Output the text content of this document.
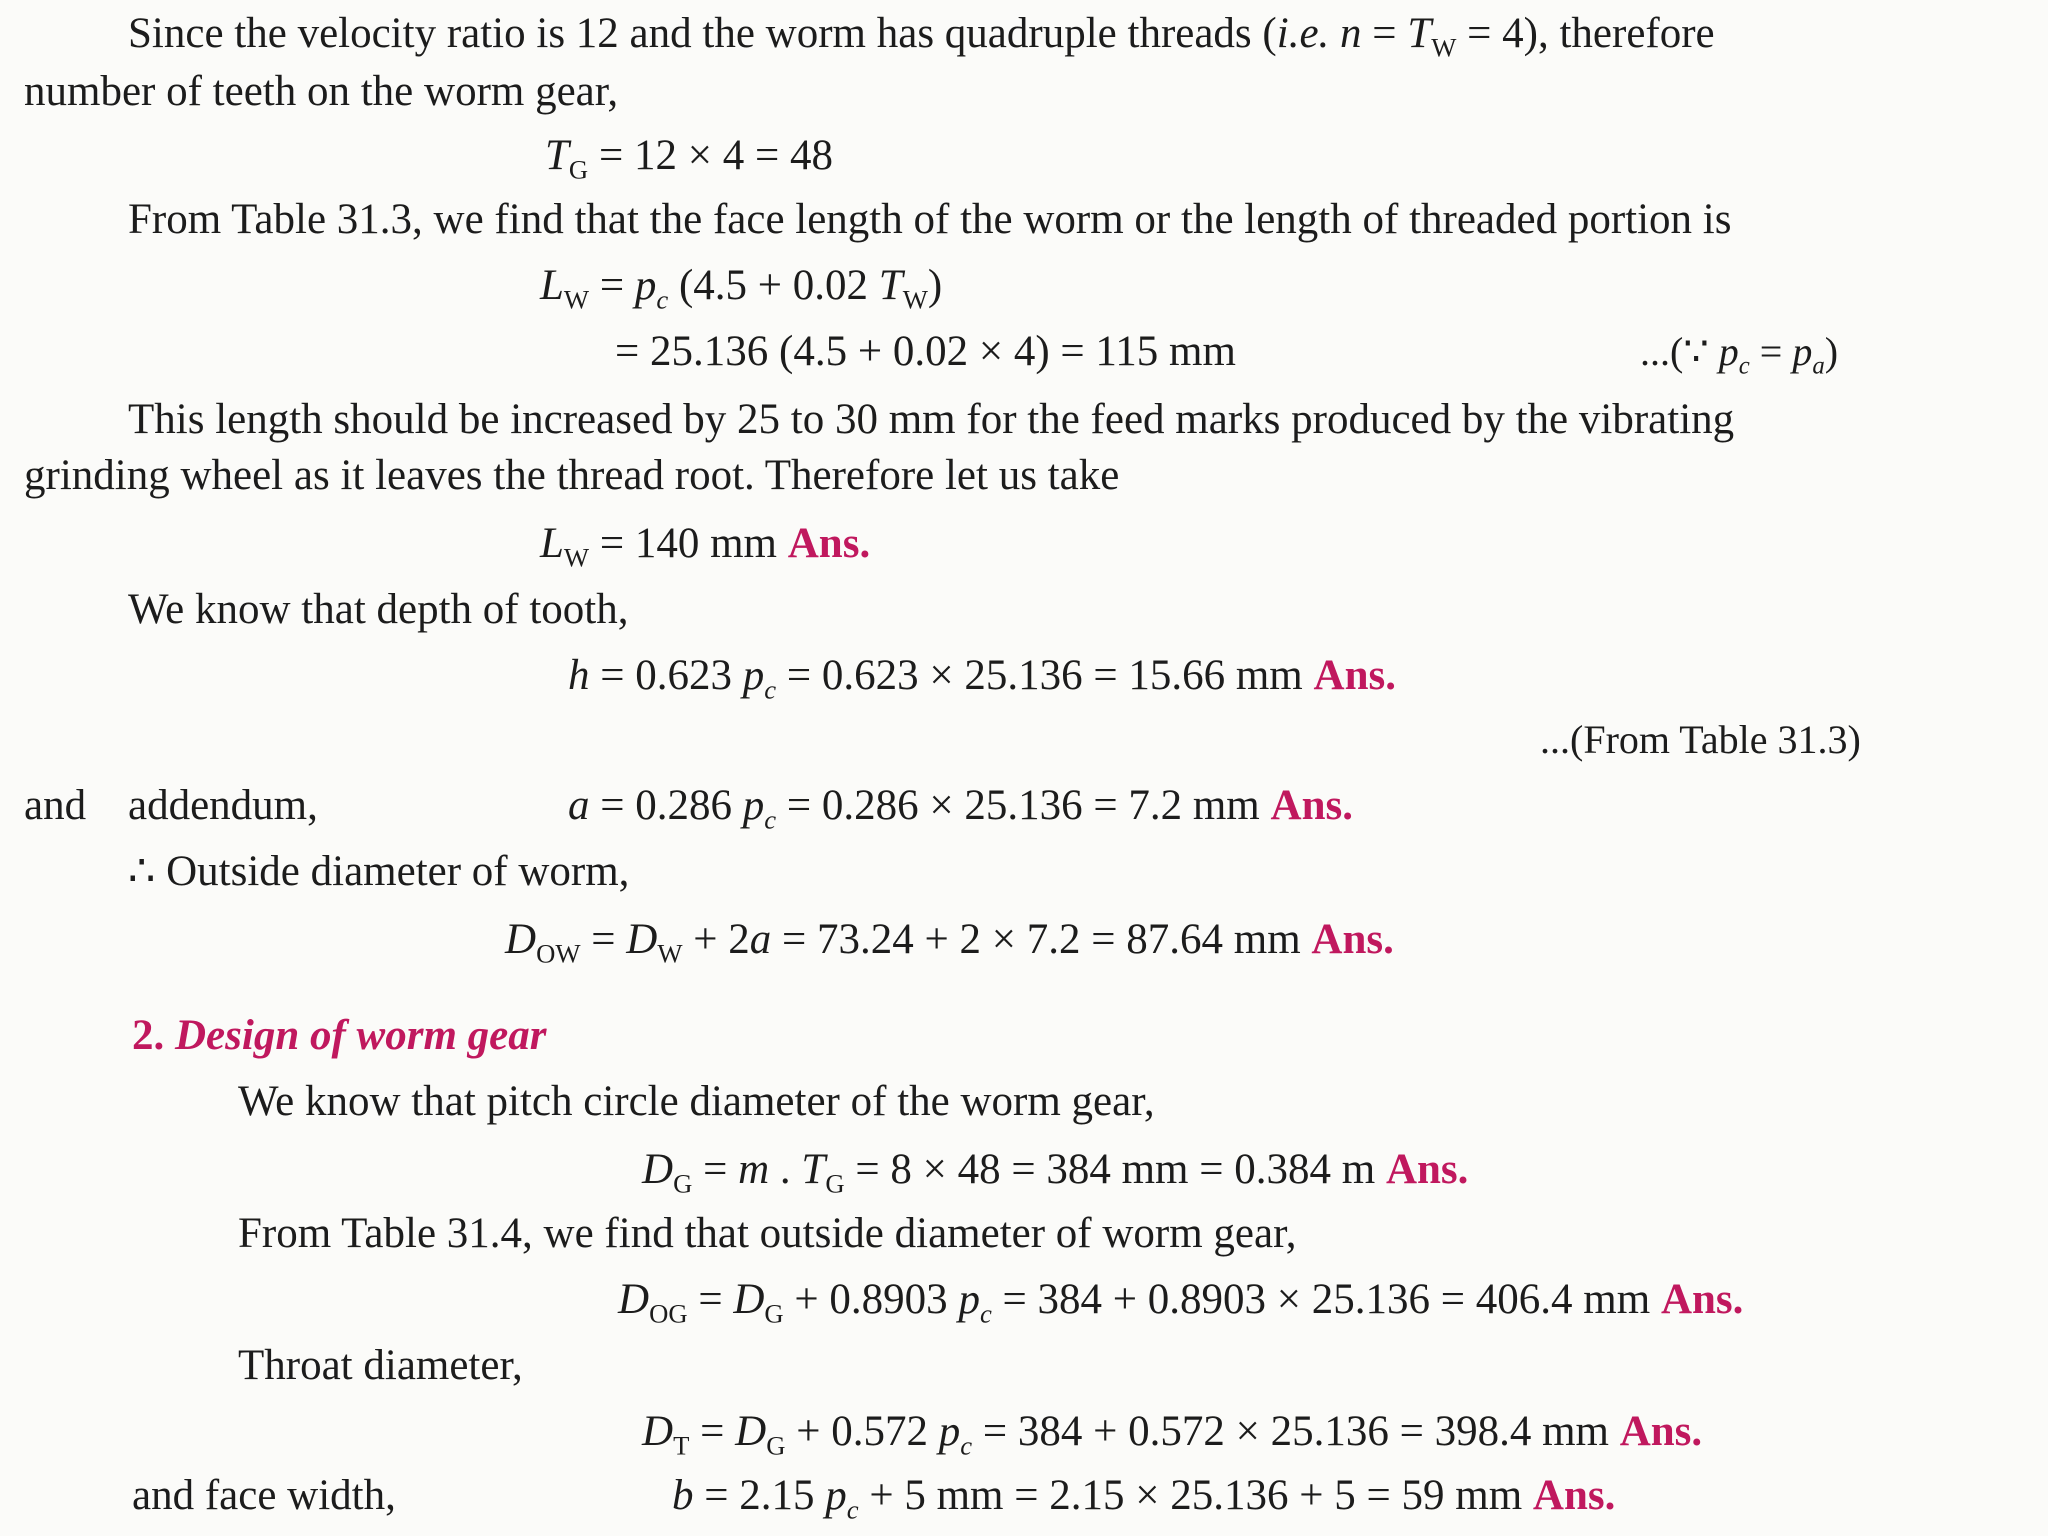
Since the velocity ratio is 12 and the worm has quadruple threads (i.e. $n = T_W = 4$), therefore
number of teeth on the worm gear,
$T_G = 12 \times 4 = 48$
From Table 31.3, we find that the face length of the worm or the length of threaded portion is
$L_W = p_c$ (4.5 + 0.02 $T_W$)
= 25.136 (4.5 + 0.02 × 4) = 115 mm	...(∵ $p_c = p_a$)
This length should be increased by 25 to 30 mm for the feed marks produced by the vibrating
grinding wheel as it leaves the thread root. Therefore let us take
$L_W = 140$ mm Ans.
We know that depth of tooth,
h = 0.623 $p_c = 0.623 \times 25.136 = 15.66$ mm Ans.
...(From Table 31.3)
and addendum,	a = 0.286 $p_c = 0.286 \times 25.136 = 7.2$ mm Ans.
∴ Outside diameter of worm,
$D_{OW} = D_W + 2a = 73.24 + 2 \times 7.2 = 87.64$ mm Ans.
2. Design of worm gear
We know that pitch circle diameter of the worm gear,
$D_G = m$ . $T_G = 8 \times 48 = 384$ mm = 0.384 m Ans.
From Table 31.4, we find that outside diameter of worm gear,
$D_{OG} = D_G + 0.8903$ $p_c = 384 + 0.8903 \times 25.136 = 406.4$ mm Ans.
Throat diameter,
$D_T = D_G + 0.572$ $p_c = 384 + 0.572 \times 25.136 = 398.4$ mm Ans.
and face width,	b = 2.15 $p_c + 5$ mm = 2.15 × 25.136 + 5 = 59 mm Ans.
